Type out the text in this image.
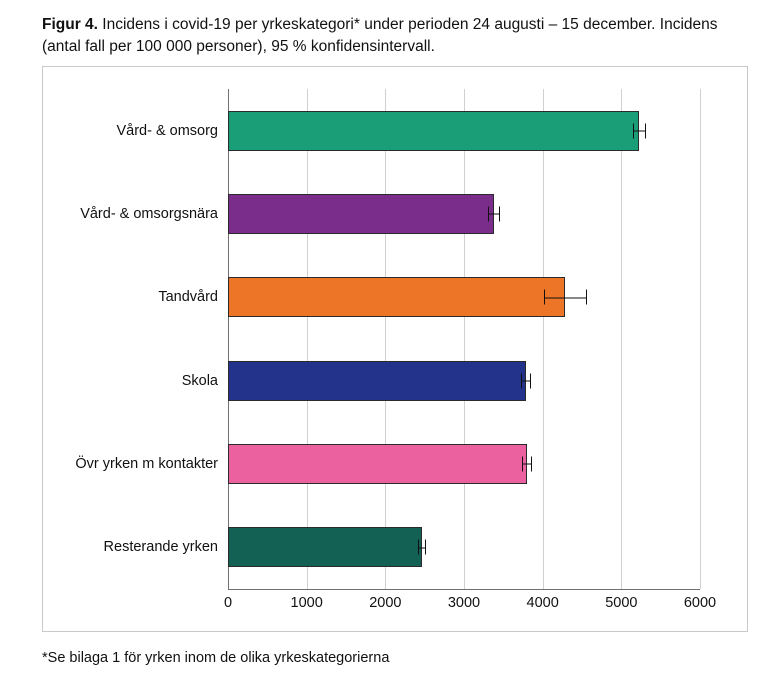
Figur 4. Incidens i covid-19 per yrkeskategori* under perioden 24 augusti – 15 december. Incidens (antal fall per 100 000 personer), 95 % konfidensintervall.
Vård- & omsorg
Vård- & omsorgsnära
Tandvård
Skola
Övr yrken m kontakter
Resterande yrken
0	1000	2000	3000	4000	5000	6000
*Se bilaga 1 för yrken inom de olika yrkeskategorierna
